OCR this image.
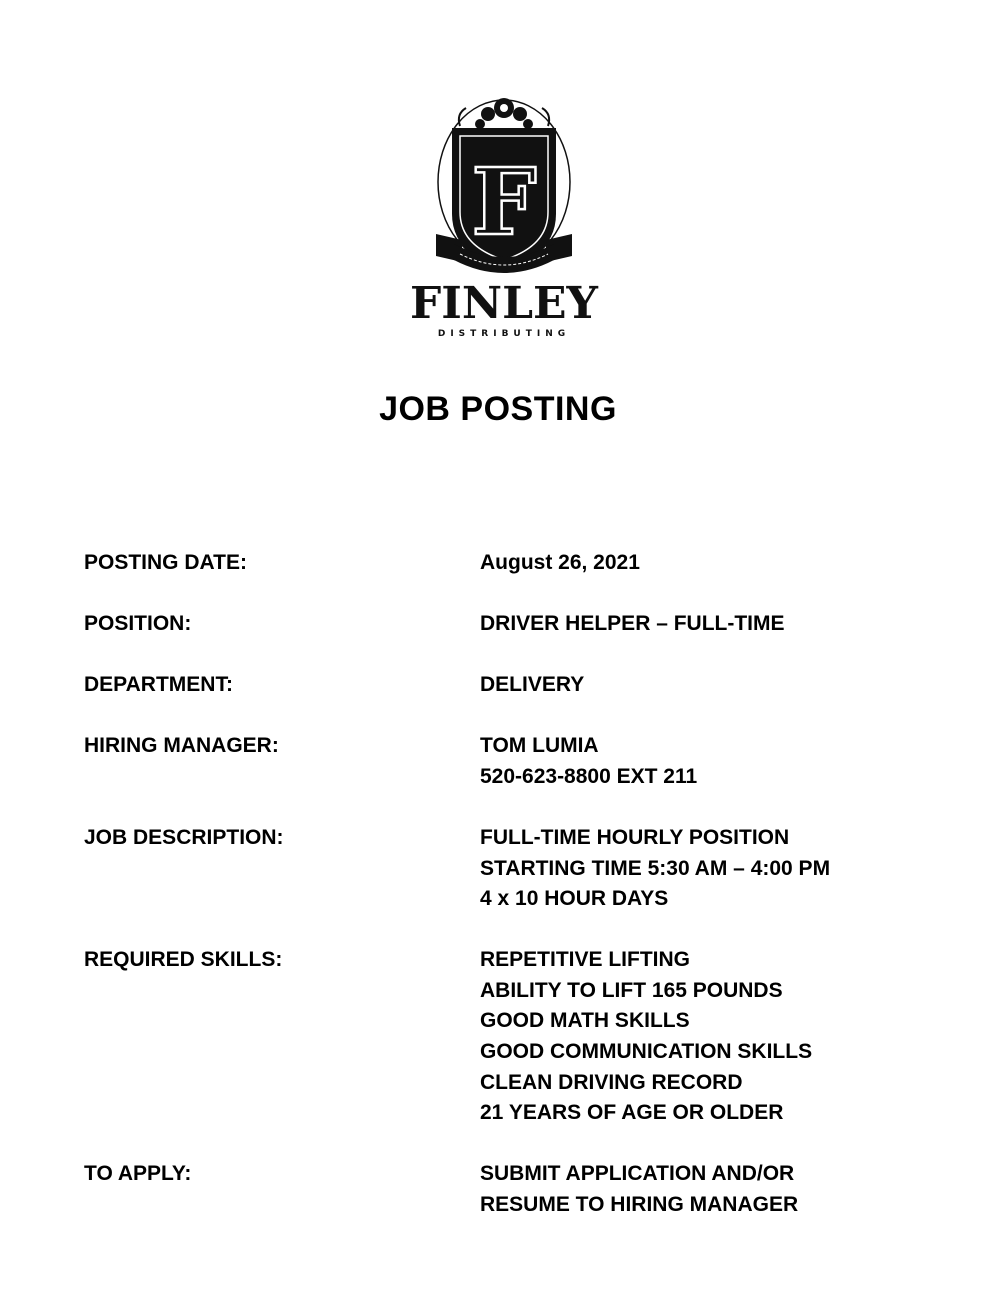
F
FINLEY
DISTRIBUTING
JOB POSTING
POSTING DATE:	August 26, 2021
POSITION:	DRIVER HELPER – FULL-TIME
DEPARTMENT:	DELIVERY
HIRING MANAGER:	TOM LUMIA
520-623-8800 EXT 211
JOB DESCRIPTION:	FULL-TIME HOURLY POSITION
STARTING TIME 5:30 AM – 4:00 PM
4 x 10 HOUR DAYS
REQUIRED SKILLS:	REPETITIVE LIFTING
ABILITY TO LIFT 165 POUNDS
GOOD MATH SKILLS
GOOD COMMUNICATION SKILLS
CLEAN DRIVING RECORD
21 YEARS OF AGE OR OLDER
TO APPLY:	SUBMIT APPLICATION AND/OR
RESUME TO HIRING MANAGER
